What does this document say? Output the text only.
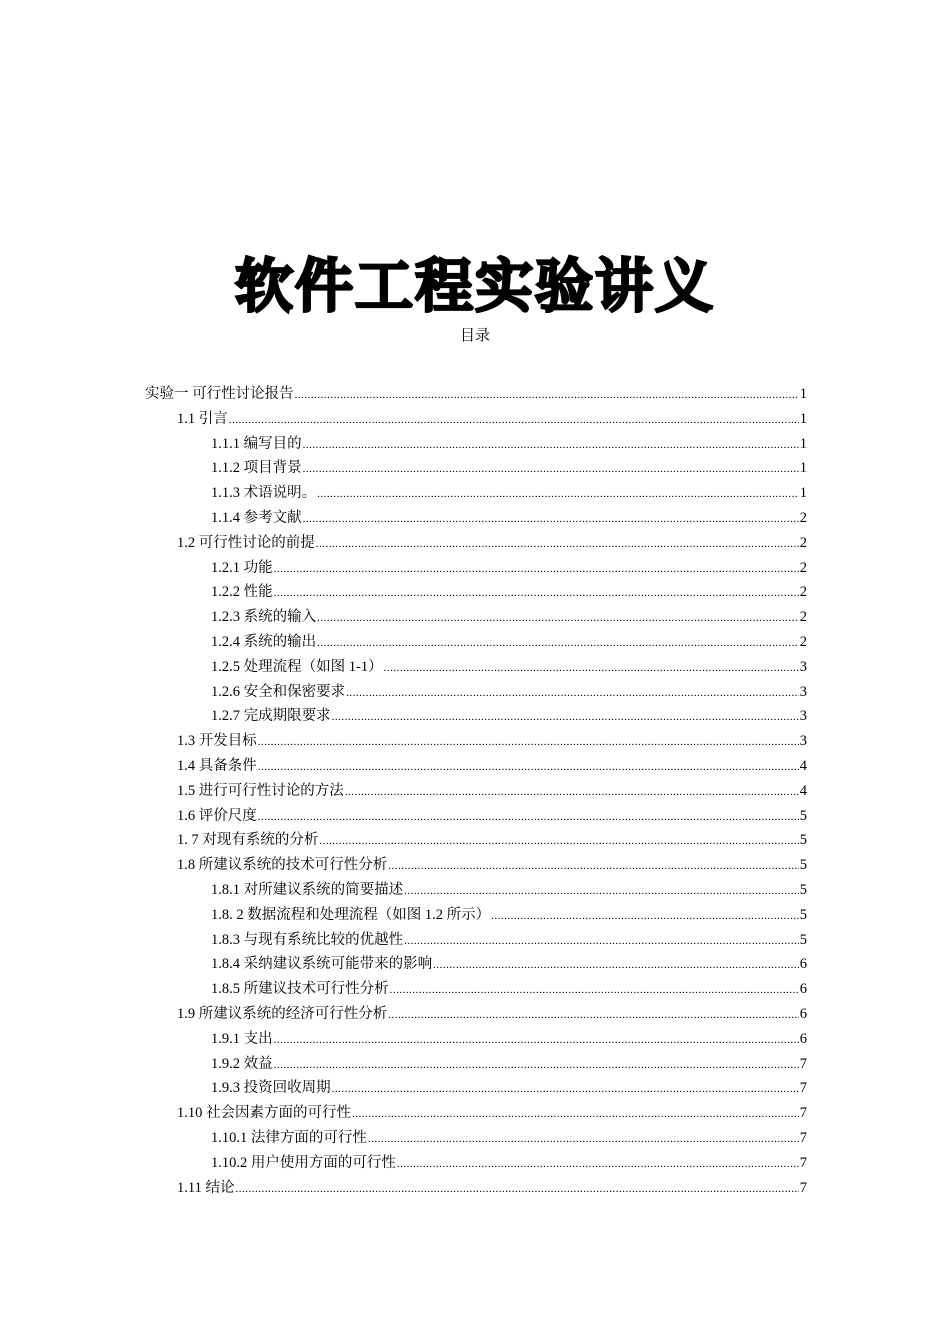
软件工程实验讲义
目录
实验一 可行性讨论报告 .....	1
1.1 引言 .....	1
1.1.1 编写目的 .....	1
1.1.2 项目背景 .....	1
1.1.3 术语说明。 .....	1
1.1.4 参考文献 .....	2
1.2 可行性讨论的前提 .....	2
1.2.1 功能 .....	2
1.2.2 性能 .....	2
1.2.3 系统的输入 .....	2
1.2.4 系统的输出 .....	2
1.2.5 处理流程（如图 1-1） .....	3
1.2.6 安全和保密要求 .....	3
1.2.7 完成期限要求 .....	3
1.3 开发目标 .....	3
1.4 具备条件 .....	4
1.5 进行可行性讨论的方法 .....	4
1.6 评价尺度 .....	5
1. 7 对现有系统的分析 .....	5
1.8 所建议系统的技术可行性分析 .....	5
1.8.1 对所建议系统的简要描述 .....	5
1.8. 2 数据流程和处理流程（如图 1.2 所示） .....	5
1.8.3 与现有系统比较的优越性 .....	5
1.8.4 采纳建议系统可能带来的影响 .....	6
1.8.5 所建议技术可行性分析 .....	6
1.9 所建议系统的经济可行性分析 .....	6
1.9.1 支出 .....	6
1.9.2 效益 .....	7
1.9.3 投资回收周期 .....	7
1.10 社会因素方面的可行性 .....	7
1.10.1 法律方面的可行性 .....	7
1.10.2 用户使用方面的可行性 .....	7
1.11 结论 .....	7
